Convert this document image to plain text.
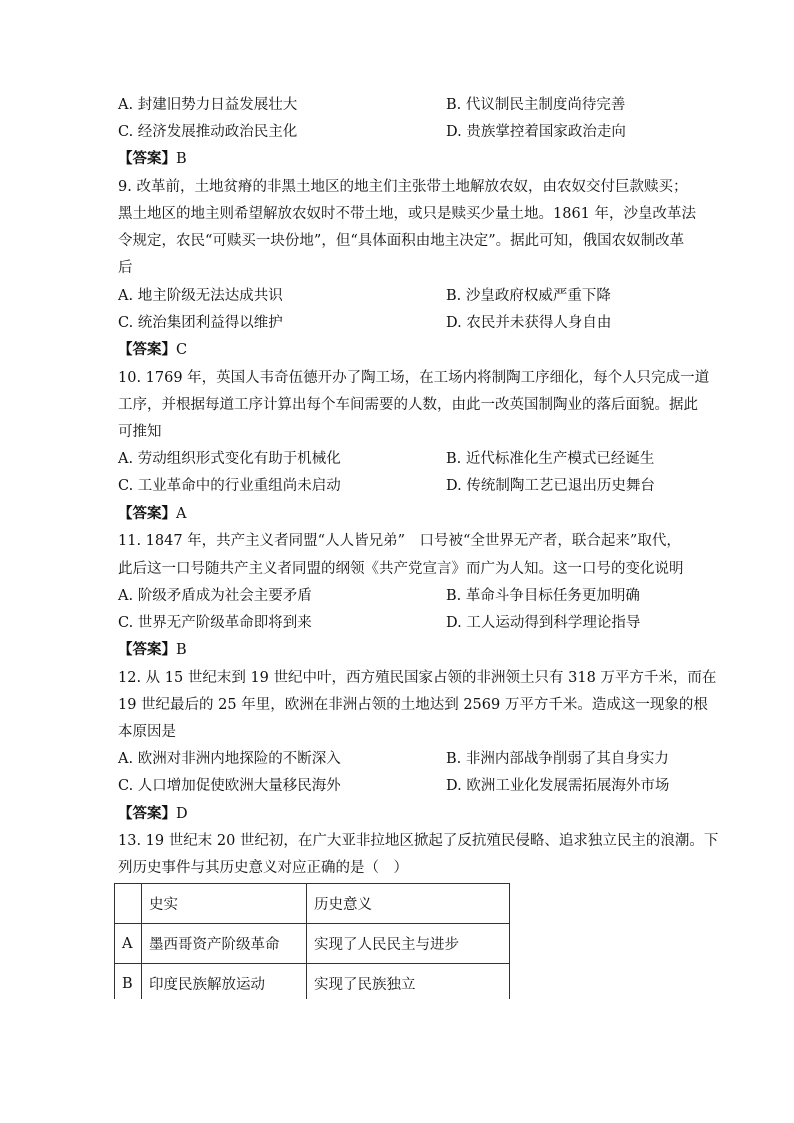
A. 封建旧势力日益发展壮大	B. 代议制民主制度尚待完善
C. 经济发展推动政治民主化	D. 贵族掌控着国家政治走向
【答案】B
9. 改革前，土地贫瘠的非黑土地区的地主们主张带土地解放农奴，由农奴交付巨款赎买；
黑土地区的地主则希望解放农奴时不带土地，或只是赎买少量土地。1861 年，沙皇改革法
令规定，农民“可赎买一块份地”，但“具体面积由地主决定”。据此可知，俄国农奴制改革
后
A. 地主阶级无法达成共识	B. 沙皇政府权威严重下降
C. 统治集团利益得以维护	D. 农民并未获得人身自由
【答案】C
10. 1769 年，英国人韦奇伍德开办了陶工场，在工场内将制陶工序细化，每个人只完成一道
工序，并根据每道工序计算出每个车间需要的人数，由此一改英国制陶业的落后面貌。据此
可推知
A. 劳动组织形式变化有助于机械化	B. 近代标准化生产模式已经诞生
C. 工业革命中的行业重组尚未启动	D. 传统制陶工艺已退出历史舞台
【答案】A
11. 1847 年，共产主义者同盟“人人皆兄弟”　口号被“全世界无产者，联合起来”取代，
此后这一口号随共产主义者同盟的纲领《共产党宣言》而广为人知。这一口号的变化说明
A. 阶级矛盾成为社会主要矛盾	B. 革命斗争目标任务更加明确
C. 世界无产阶级革命即将到来	D. 工人运动得到科学理论指导
【答案】B
12. 从 15 世纪末到 19 世纪中叶，西方殖民国家占领的非洲领土只有 318 万平方千米，而在
19 世纪最后的 25 年里，欧洲在非洲占领的土地达到 2569 万平方千米。造成这一现象的根
本原因是
A. 欧洲对非洲内地探险的不断深入	B. 非洲内部战争削弱了其自身实力
C. 人口增加促使欧洲大量移民海外	D. 欧洲工业化发展需拓展海外市场
【答案】D
13. 19 世纪末 20 世纪初，在广大亚非拉地区掀起了反抗殖民侵略、追求独立民主的浪潮。下
列历史事件与其历史意义对应正确的是（　）
	史实	历史意义
A	墨西哥资产阶级革命	实现了人民民主与进步
B	印度民族解放运动	实现了民族独立
